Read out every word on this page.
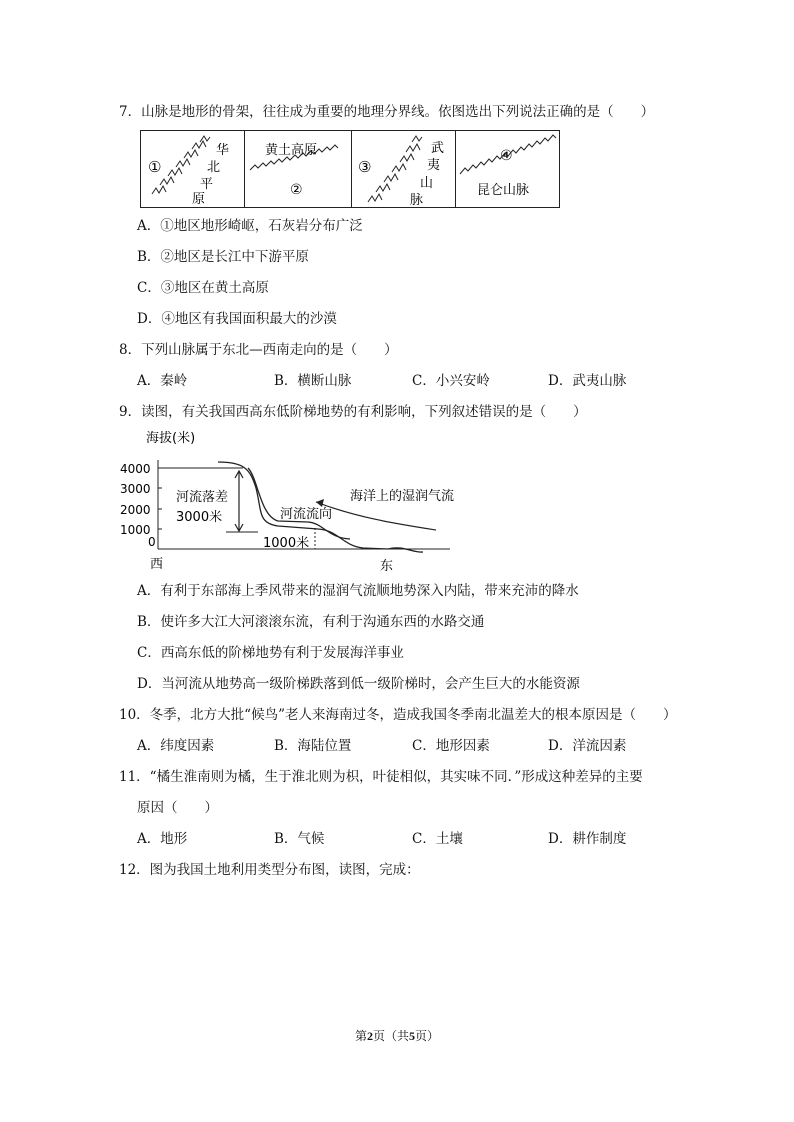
7．山脉是地形的骨架，往往成为重要的地理分界线。依图选出下列说法正确的是（　　）
①
华
北
平
原
黄土高原
②
③
武
夷
山
脉
④
昆仑山脉
A．①地区地形崎岖，石灰岩分布广泛
B．②地区是长江中下游平原
C．③地区在黄土高原
D．④地区有我国面积最大的沙漠
8．下列山脉属于东北—西南走向的是（　　）
A．秦岭	B．横断山脉	C．小兴安岭	D．武夷山脉
9．读图，有关我国西高东低阶梯地势的有利影响，下列叙述错误的是（　　）
海拔(米)
4000
3000
2000
1000
0
河流落差
3000米
1000米
河流流向
海洋上的湿润气流
西	东
A．有利于东部海上季风带来的湿润气流顺地势深入内陆，带来充沛的降水
B．使许多大江大河滚滚东流，有利于沟通东西的水路交通
C．西高东低的阶梯地势有利于发展海洋事业
D．当河流从地势高一级阶梯跌落到低一级阶梯时，会产生巨大的水能资源
10．冬季，北方大批“候鸟”老人来海南过冬，造成我国冬季南北温差大的根本原因是（　　）
A．纬度因素	B．海陆位置	C．地形因素	D．洋流因素
11．“橘生淮南则为橘，生于淮北则为枳，叶徒相似，其实味不同．”形成这种差异的主要
原因（　　）
A．地形	B．气候	C．土壤	D．耕作制度
12．图为我国土地利用类型分布图，读图，完成：
第2页（共5页）
